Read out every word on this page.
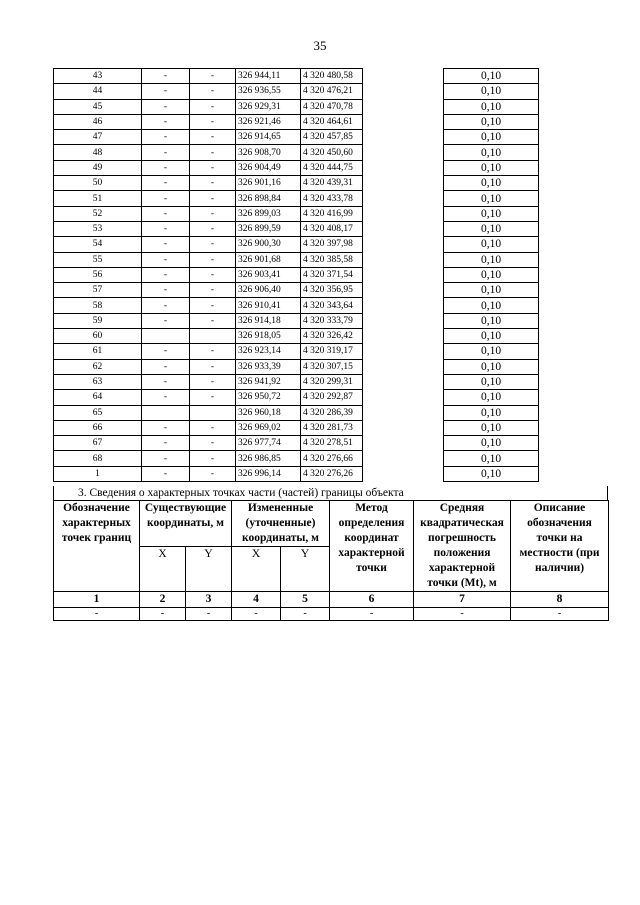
35
43	-	-	326 944,11	4 320 480,58		0,10
44	-	-	326 936,55	4 320 476,21		0,10
45	-	-	326 929,31	4 320 470,78		0,10
46	-	-	326 921,46	4 320 464,61		0,10
47	-	-	326 914,65	4 320 457,85		0,10
48	-	-	326 908,70	4 320 450,60		0,10
49	-	-	326 904,49	4 320 444,75		0,10
50	-	-	326 901,16	4 320 439,31		0,10
51	-	-	326 898,84	4 320 433,78		0,10
52	-	-	326 899,03	4 320 416,99		0,10
53	-	-	326 899,59	4 320 408,17		0,10
54	-	-	326 900,30	4 320 397,98		0,10
55	-	-	326 901,68	4 320 385,58		0,10
56	-	-	326 903,41	4 320 371,54		0,10
57	-	-	326 906,40	4 320 356,95		0,10
58	-	-	326 910,41	4 320 343,64		0,10
59	-	-	326 914,18	4 320 333,79		0,10
60			326 918,05	4 320 326,42		0,10
61	-	-	326 923,14	4 320 319,17		0,10
62	-	-	326 933,39	4 320 307,15		0,10
63	-	-	326 941,92	4 320 299,31		0,10
64	-	-	326 950,72	4 320 292,87		0,10
65			326 960,18	4 320 286,39		0,10
66	-	-	326 969,02	4 320 281,73		0,10
67	-	-	326 977,74	4 320 278,51		0,10
68	-	-	326 986,85	4 320 276,66		0,10
1	-	-	326 996,14	4 320 276,26		0,10
3. Сведения о характерных точках части (частей) границы объекта
Обозначение характерных точек границ	Существующие координаты, м		Измененные (уточненные) координаты, м		Метод определения координат характерной точки	Средняя квадратическая погрешность положения характерной точки (Mt), м	Описание обозначения точки на местности (при наличии)
	X	Y	X	Y			
1	2	3	4	5	6	7	8
-	-	-	-	-	-	-	-
